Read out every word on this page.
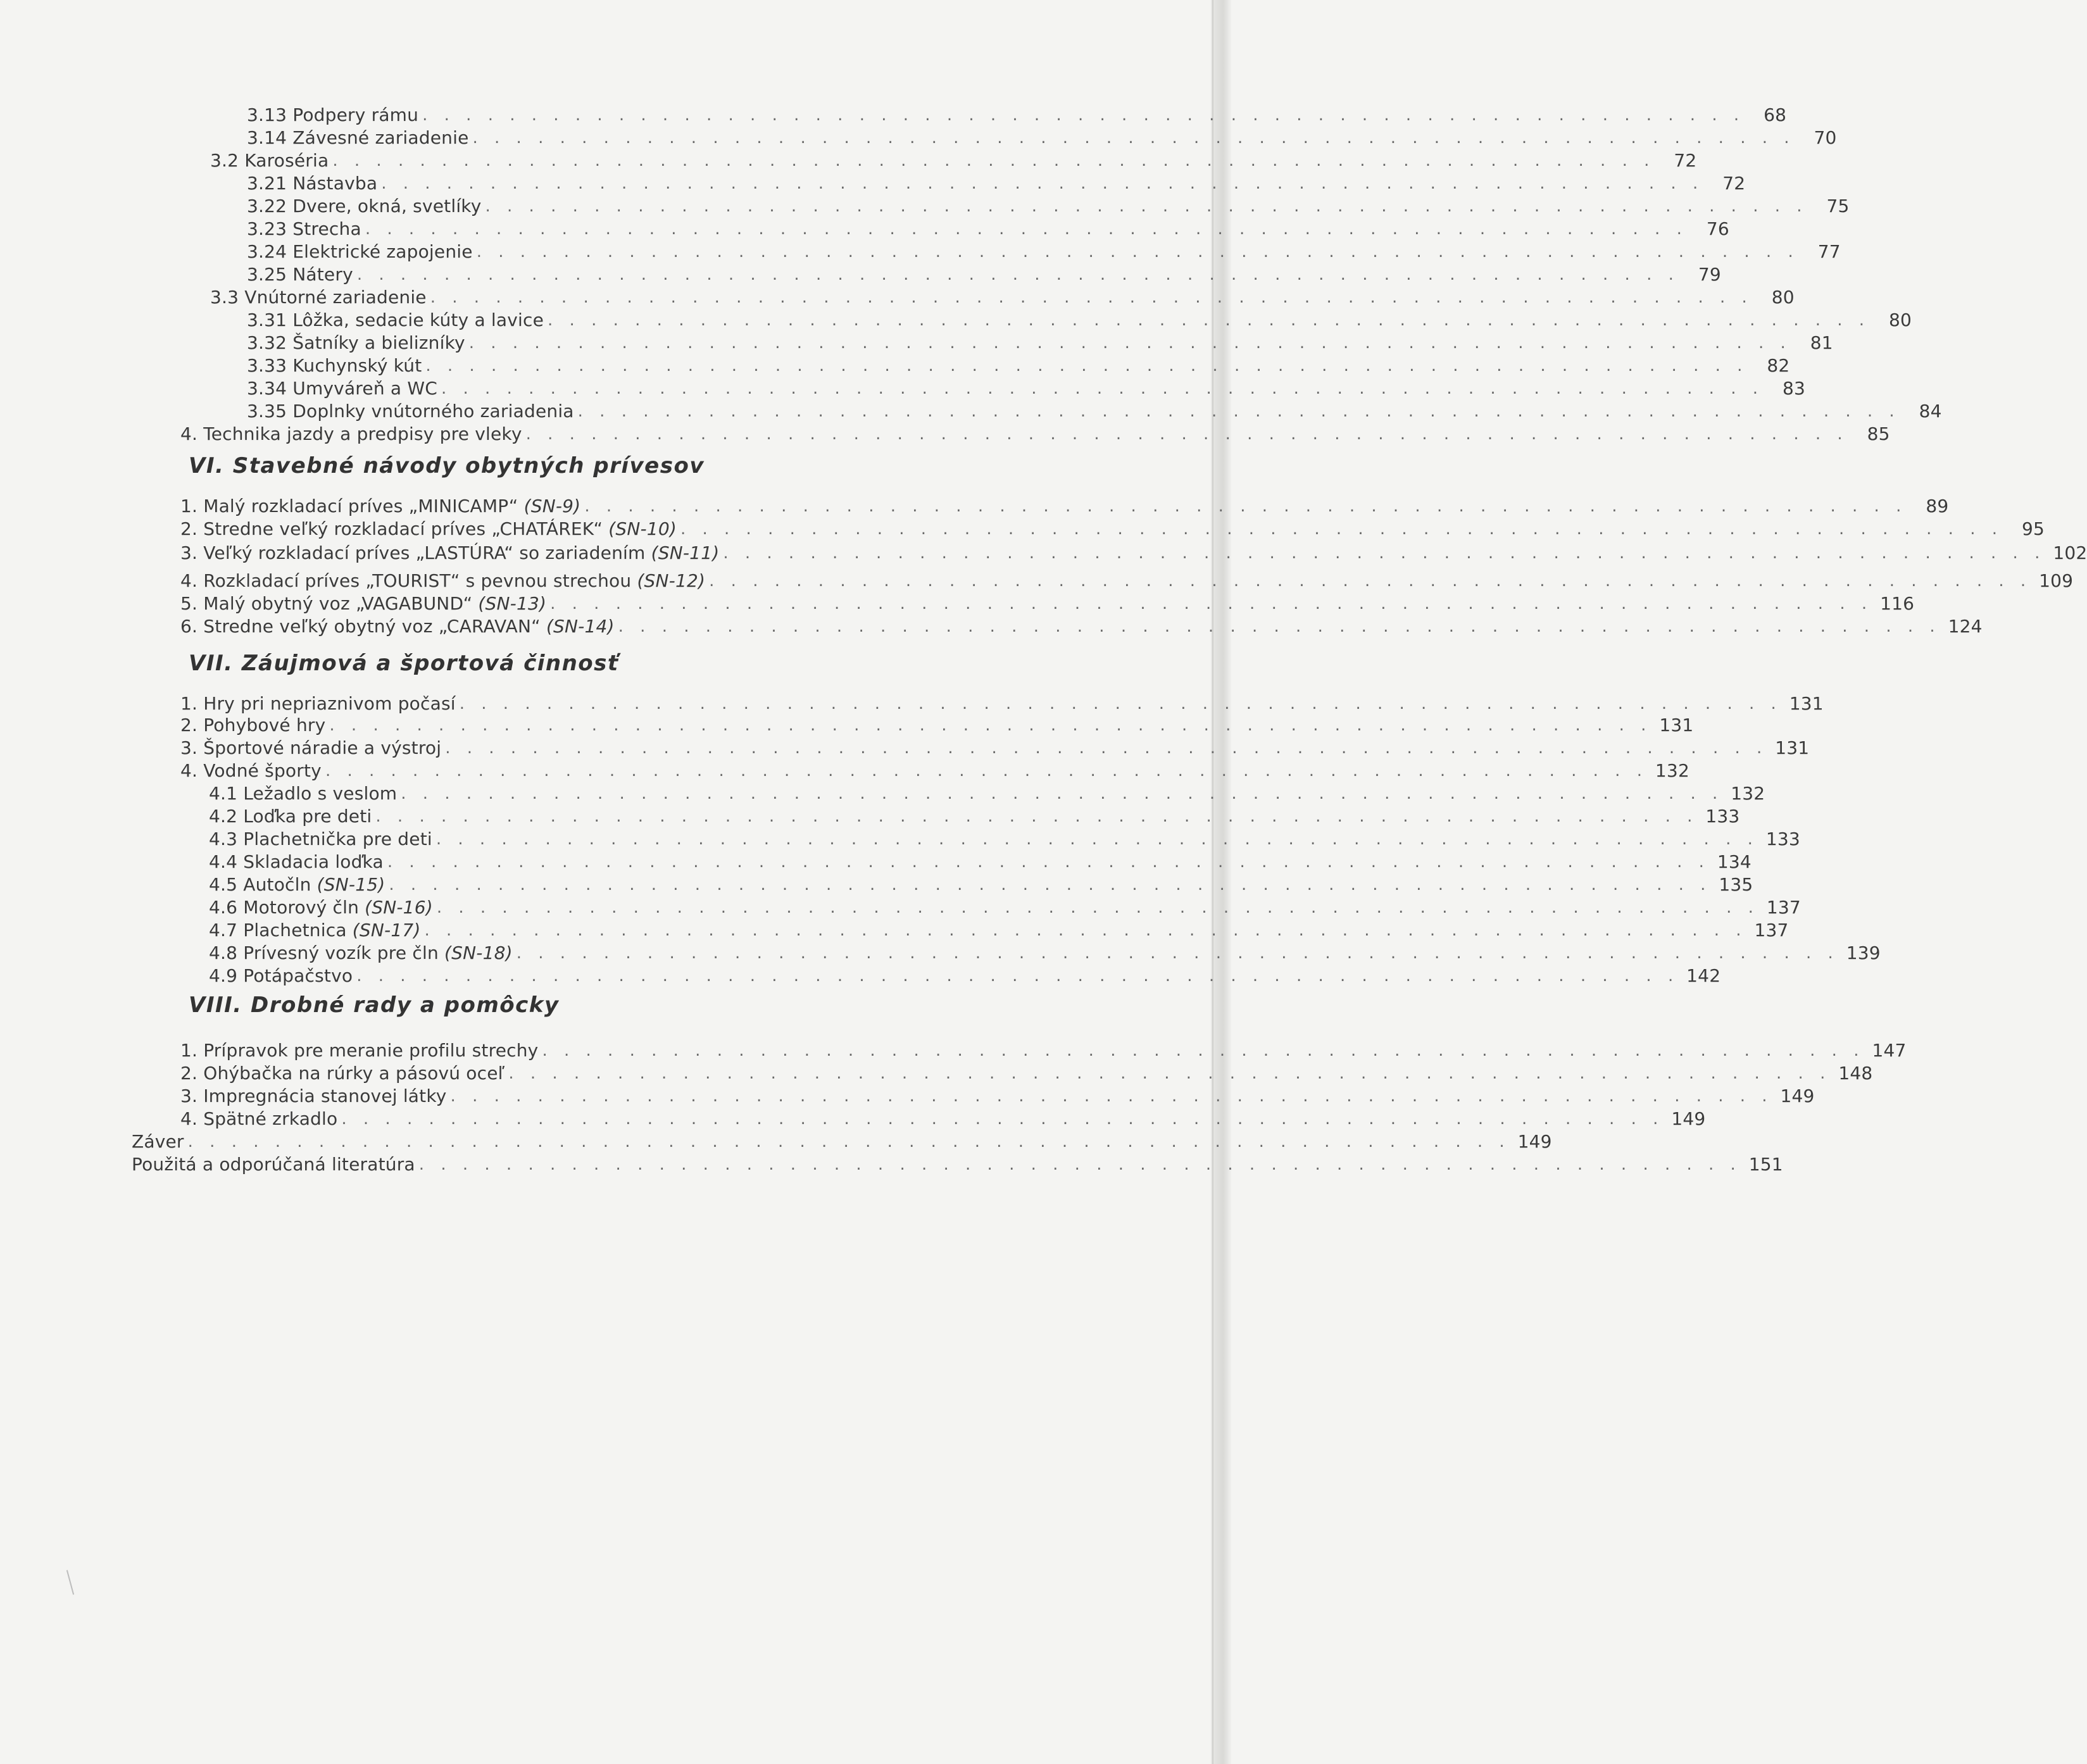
3.13 Podpery rámu . . . . . . . . . . . . . . . . . . . . . . . . . . . . . . . . . . . . . . . . . . . . . . . . . . . . . . . . . . . . .	68
3.14 Závesné zariadenie . . . . . . . . . . . . . . . . . . . . . . . . . . . . . . . . . . . . . . . . . . . . . . . . . . . . . . . . . . . . .	70
3.2 Karoséria . . . . . . . . . . . . . . . . . . . . . . . . . . . . . . . . . . . . . . . . . . . . . . . . . . . . . . . . . . . . .	72
3.21 Nástavba . . . . . . . . . . . . . . . . . . . . . . . . . . . . . . . . . . . . . . . . . . . . . . . . . . . . . . . . . . . . .	72
3.22 Dvere, okná, svetlíky . . . . . . . . . . . . . . . . . . . . . . . . . . . . . . . . . . . . . . . . . . . . . . . . . . . . . . . . . . . . .	75
3.23 Strecha . . . . . . . . . . . . . . . . . . . . . . . . . . . . . . . . . . . . . . . . . . . . . . . . . . . . . . . . . . . . .	76
3.24 Elektrické zapojenie . . . . . . . . . . . . . . . . . . . . . . . . . . . . . . . . . . . . . . . . . . . . . . . . . . . . . . . . . . . . .	77
3.25 Nátery . . . . . . . . . . . . . . . . . . . . . . . . . . . . . . . . . . . . . . . . . . . . . . . . . . . . . . . . . . . . .	79
3.3 Vnútorné zariadenie . . . . . . . . . . . . . . . . . . . . . . . . . . . . . . . . . . . . . . . . . . . . . . . . . . . . . . . . . . . . .	80
3.31 Lôžka, sedacie kúty a lavice . . . . . . . . . . . . . . . . . . . . . . . . . . . . . . . . . . . . . . . . . . . . . . . . . . . . . . . . . . . . .	80
3.32 Šatníky a bielizníky . . . . . . . . . . . . . . . . . . . . . . . . . . . . . . . . . . . . . . . . . . . . . . . . . . . . . . . . . . . . .	81
3.33 Kuchynský kút . . . . . . . . . . . . . . . . . . . . . . . . . . . . . . . . . . . . . . . . . . . . . . . . . . . . . . . . . . . . .	82
3.34 Umyváreň a WC . . . . . . . . . . . . . . . . . . . . . . . . . . . . . . . . . . . . . . . . . . . . . . . . . . . . . . . . . . . . .	83
3.35 Doplnky vnútorného zariadenia . . . . . . . . . . . . . . . . . . . . . . . . . . . . . . . . . . . . . . . . . . . . . . . . . . . . . . . . . . . . .	84
4. Technika jazdy a predpisy pre vleky . . . . . . . . . . . . . . . . . . . . . . . . . . . . . . . . . . . . . . . . . . . . . . . . . . . . . . . . . . . . .	85
VI. Stavebné návody obytných prívesov
1. Malý rozkladací príves „MINICAMP“ (SN-9) . . . . . . . . . . . . . . . . . . . . . . . . . . . . . . . . . . . . . . . . . . . . . . . . . . . . . . . . . . . . .	89
2. Stredne veľký rozkladací príves „CHATÁREK“ (SN-10) . . . . . . . . . . . . . . . . . . . . . . . . . . . . . . . . . . . . . . . . . . . . . . . . . . . . . . . . . . . . .	95
3. Veľký rozkladací príves „LASTÚRA“ so zariadením (SN-11) . . . . . . . . . . . . . . . . . . . . . . . . . . . . . . . . . . . . . . . . . . . . . . . . . . . . . . . . . . . . . 102
4. Rozkladací príves „TOURIST“ s pevnou strechou (SN-12) . . . . . . . . . . . . . . . . . . . . . . . . . . . . . . . . . . . . . . . . . . . . . . . . . . . . . . . . . . . . . 109
5. Malý obytný voz „VAGABUND“ (SN-13) . . . . . . . . . . . . . . . . . . . . . . . . . . . . . . . . . . . . . . . . . . . . . . . . . . . . . . . . . . . . . 116
6. Stredne veľký obytný voz „CARAVAN“ (SN-14) . . . . . . . . . . . . . . . . . . . . . . . . . . . . . . . . . . . . . . . . . . . . . . . . . . . . . . . . . . . . . 124
VII. Záujmová a športová činnosť
1. Hry pri nepriaznivom počasí . . . . . . . . . . . . . . . . . . . . . . . . . . . . . . . . . . . . . . . . . . . . . . . . . . . . . . . . . . . . . 131
2. Pohybové hry . . . . . . . . . . . . . . . . . . . . . . . . . . . . . . . . . . . . . . . . . . . . . . . . . . . . . . . . . . . . . 131
3. Športové náradie a výstroj . . . . . . . . . . . . . . . . . . . . . . . . . . . . . . . . . . . . . . . . . . . . . . . . . . . . . . . . . . . . . 131
4. Vodné športy . . . . . . . . . . . . . . . . . . . . . . . . . . . . . . . . . . . . . . . . . . . . . . . . . . . . . . . . . . . . . 132
4.1 Ležadlo s veslom . . . . . . . . . . . . . . . . . . . . . . . . . . . . . . . . . . . . . . . . . . . . . . . . . . . . . . . . . . . . . 132
4.2 Loďka pre deti . . . . . . . . . . . . . . . . . . . . . . . . . . . . . . . . . . . . . . . . . . . . . . . . . . . . . . . . . . . . . 133
4.3 Plachetnička pre deti . . . . . . . . . . . . . . . . . . . . . . . . . . . . . . . . . . . . . . . . . . . . . . . . . . . . . . . . . . . . . 133
4.4 Skladacia loďka . . . . . . . . . . . . . . . . . . . . . . . . . . . . . . . . . . . . . . . . . . . . . . . . . . . . . . . . . . . . . 134
4.5 Autočln (SN-15) . . . . . . . . . . . . . . . . . . . . . . . . . . . . . . . . . . . . . . . . . . . . . . . . . . . . . . . . . . . . . 135
4.6 Motorový čln (SN-16) . . . . . . . . . . . . . . . . . . . . . . . . . . . . . . . . . . . . . . . . . . . . . . . . . . . . . . . . . . . . . 137
4.7 Plachetnica (SN-17) . . . . . . . . . . . . . . . . . . . . . . . . . . . . . . . . . . . . . . . . . . . . . . . . . . . . . . . . . . . . . 137
4.8 Prívesný vozík pre čln (SN-18) . . . . . . . . . . . . . . . . . . . . . . . . . . . . . . . . . . . . . . . . . . . . . . . . . . . . . . . . . . . . . 139
4.9 Potápačstvo . . . . . . . . . . . . . . . . . . . . . . . . . . . . . . . . . . . . . . . . . . . . . . . . . . . . . . . . . . . . . 142
VIII. Drobné rady a pomôcky
1. Prípravok pre meranie profilu strechy . . . . . . . . . . . . . . . . . . . . . . . . . . . . . . . . . . . . . . . . . . . . . . . . . . . . . . . . . . . . . 147
2. Ohýbačka na rúrky a pásovú oceľ . . . . . . . . . . . . . . . . . . . . . . . . . . . . . . . . . . . . . . . . . . . . . . . . . . . . . . . . . . . . . 148
3. Impregnácia stanovej látky . . . . . . . . . . . . . . . . . . . . . . . . . . . . . . . . . . . . . . . . . . . . . . . . . . . . . . . . . . . . . 149
4. Spätné zrkadlo . . . . . . . . . . . . . . . . . . . . . . . . . . . . . . . . . . . . . . . . . . . . . . . . . . . . . . . . . . . . . 149
Záver . . . . . . . . . . . . . . . . . . . . . . . . . . . . . . . . . . . . . . . . . . . . . . . . . . . . . . . . . . . . . 149
Použitá a odporúčaná literatúra . . . . . . . . . . . . . . . . . . . . . . . . . . . . . . . . . . . . . . . . . . . . . . . . . . . . . . . . . . . . . 151
